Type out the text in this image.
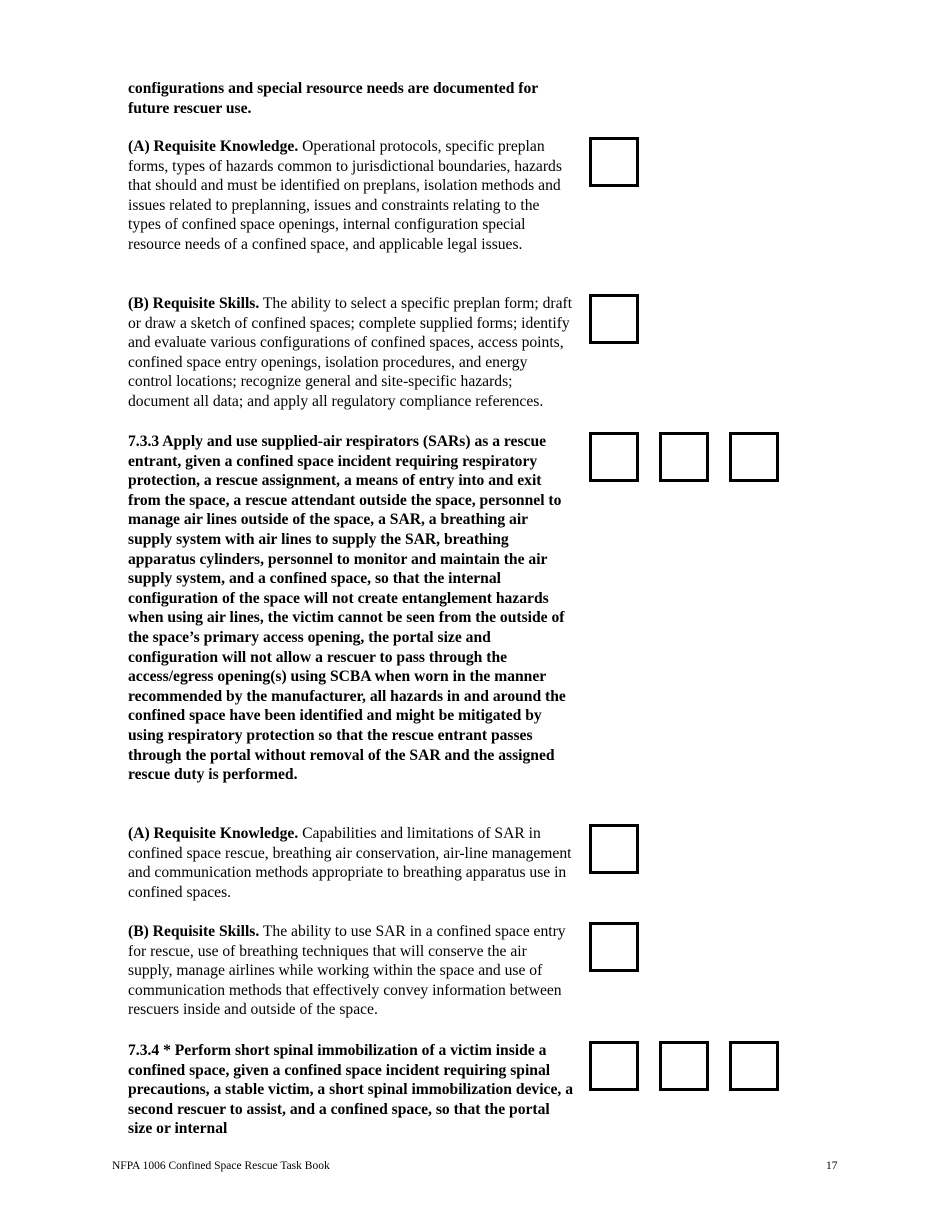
configurations and special resource needs are documented for future rescuer use.
(A) Requisite Knowledge. Operational protocols, specific preplan forms, types of hazards common to jurisdictional boundaries, hazards that should and must be identified on preplans, isolation methods and issues related to preplanning, issues and constraints relating to the types of confined space openings, internal configuration special resource needs of a confined space, and applicable legal issues.
(B) Requisite Skills. The ability to select a specific preplan form; draft or draw a sketch of confined spaces; complete supplied forms; identify and evaluate various configurations of confined spaces, access points, confined space entry openings, isolation procedures, and energy control locations; recognize general and site-specific hazards; document all data; and apply all regulatory compliance references.
7.3.3 Apply and use supplied-air respirators (SARs) as a rescue entrant, given a confined space incident requiring respiratory protection, a rescue assignment, a means of entry into and exit from the space, a rescue attendant outside the space, personnel to manage air lines outside of the space, a SAR, a breathing air supply system with air lines to supply the SAR, breathing apparatus cylinders, personnel to monitor and maintain the air supply system, and a confined space, so that the internal configuration of the space will not create entanglement hazards when using air lines, the victim cannot be seen from the outside of the space’s primary access opening, the portal size and configuration will not allow a rescuer to pass through the access/egress opening(s) using SCBA when worn in the manner recommended by the manufacturer, all hazards in and around the confined space have been identified and might be mitigated by using respiratory protection so that the rescue entrant passes through the portal without removal of the SAR and the assigned rescue duty is performed.
(A) Requisite Knowledge. Capabilities and limitations of SAR in confined space rescue, breathing air conservation, air-line management and communication methods appropriate to breathing apparatus use in confined spaces.
(B) Requisite Skills. The ability to use SAR in a confined space entry for rescue, use of breathing techniques that will conserve the air supply, manage airlines while working within the space and use of communication methods that effectively convey information between rescuers inside and outside of the space.
7.3.4 * Perform short spinal immobilization of a victim inside a confined space, given a confined space incident requiring spinal precautions, a stable victim, a short spinal immobilization device, a second rescuer to assist, and a confined space, so that the portal size or internal
NFPA 1006 Confined Space Rescue Task Book	17
